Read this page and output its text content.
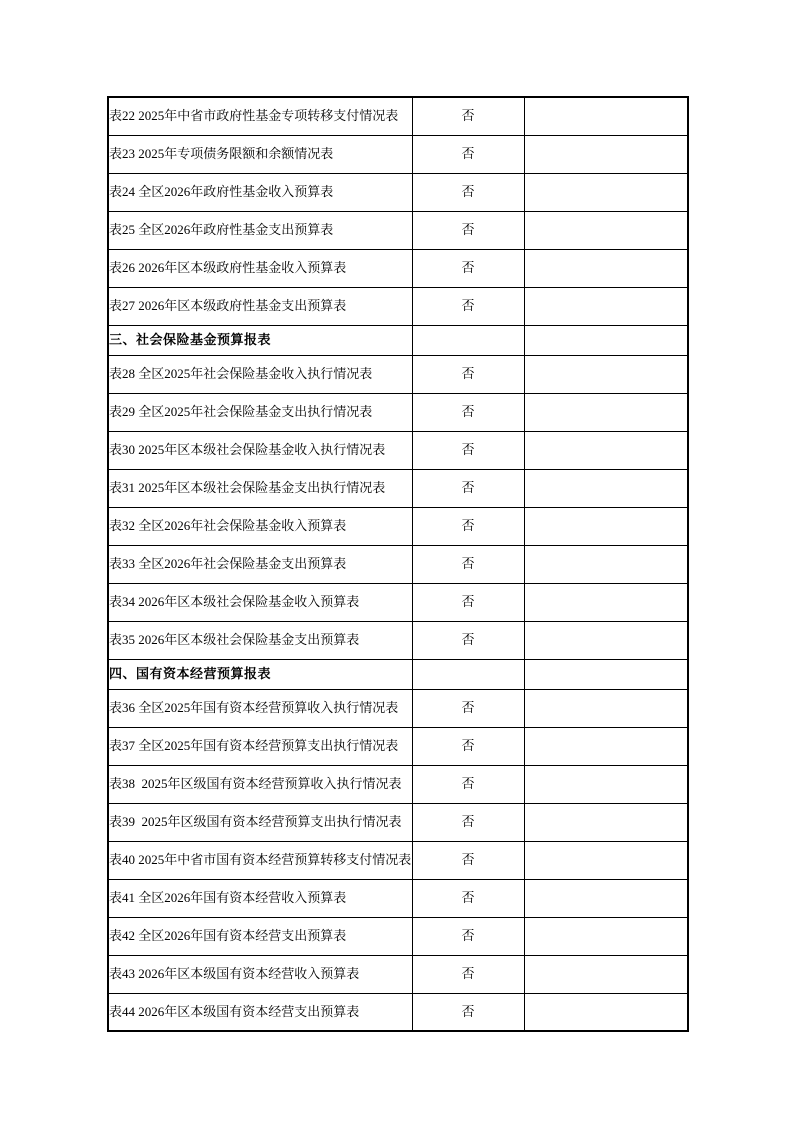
表22 2025年中省市政府性基金专项转移支付情况表	否	
表23 2025年专项债务限额和余额情况表	否	
表24 全区2026年政府性基金收入预算表	否	
表25 全区2026年政府性基金支出预算表	否	
表26 2026年区本级政府性基金收入预算表	否	
表27 2026年区本级政府性基金支出预算表	否	
三、社会保险基金预算报表		
表28 全区2025年社会保险基金收入执行情况表	否	
表29 全区2025年社会保险基金支出执行情况表	否	
表30 2025年区本级社会保险基金收入执行情况表	否	
表31 2025年区本级社会保险基金支出执行情况表	否	
表32 全区2026年社会保险基金收入预算表	否	
表33 全区2026年社会保险基金支出预算表	否	
表34 2026年区本级社会保险基金收入预算表	否	
表35 2026年区本级社会保险基金支出预算表	否	
四、国有资本经营预算报表		
表36 全区2025年国有资本经营预算收入执行情况表	否	
表37 全区2025年国有资本经营预算支出执行情况表	否	
表38  2025年区级国有资本经营预算收入执行情况表	否	
表39  2025年区级国有资本经营预算支出执行情况表	否	
表40 2025年中省市国有资本经营预算转移支付情况表	否	
表41 全区2026年国有资本经营收入预算表	否	
表42 全区2026年国有资本经营支出预算表	否	
表43 2026年区本级国有资本经营收入预算表	否	
表44 2026年区本级国有资本经营支出预算表	否	
